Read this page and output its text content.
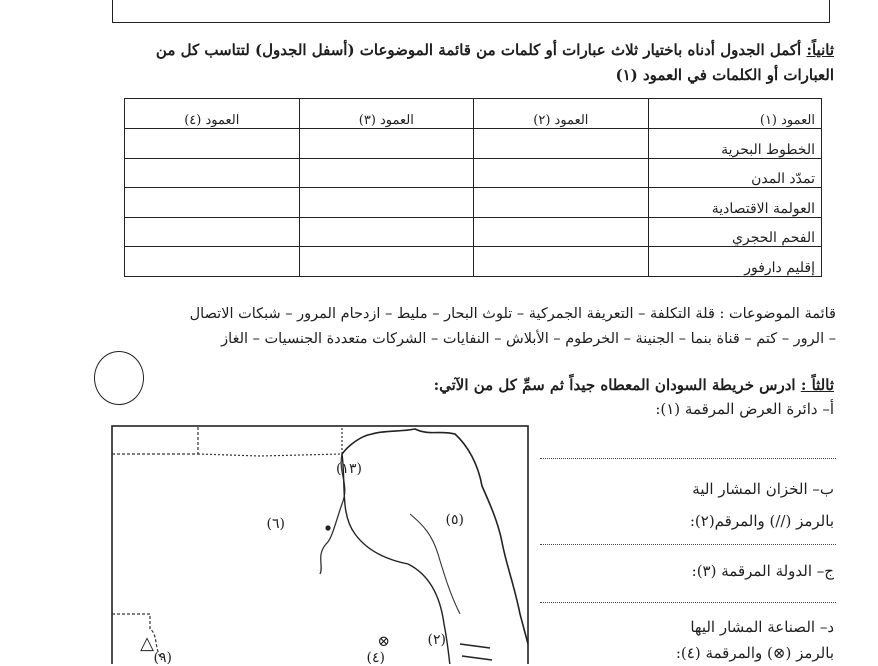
ثانياً: أكمل الجدول أدناه باختيار ثلاث عبارات أو كلمات من قائمة الموضوعات (أسفل الجدول) لتتاسب كل من العبارات أو الكلمات في العمود (١)
العمود (١)	العمود (٢)	العمود (٣)	العمود (٤)
الخطوط البحرية			
تمدّد المدن			
العولمة الاقتصادية			
الفحم الحجري			
إقليم دارفور			
قائمة الموضوعات : قلة التكلفة – التعريفة الجمركية – تلوث البحار – مليط – ازدحام المرور – شبكات الاتصال
– الرور – كتم – قناة بنما – الجنينة – الخرطوم – الأبلاش – النفايات – الشركات متعددة الجنسيات – الغاز
ثالثاً : ادرس خريطة السودان المعطاه جيداً ثم سمِّ كل من الآتي:
أ– دائرة العرض المرقمة (١):
ب– الخزان المشار الية
بالرمز (//) والمرقم(٢):
ج– الدولة المرقمة (٣):
د– الصناعة المشار اليها
بالرمز (⊗) والمرقمة (٤):
(١٣)
(٦)	(٥)
(٢)
(٤)
(٩)
△	⊗
